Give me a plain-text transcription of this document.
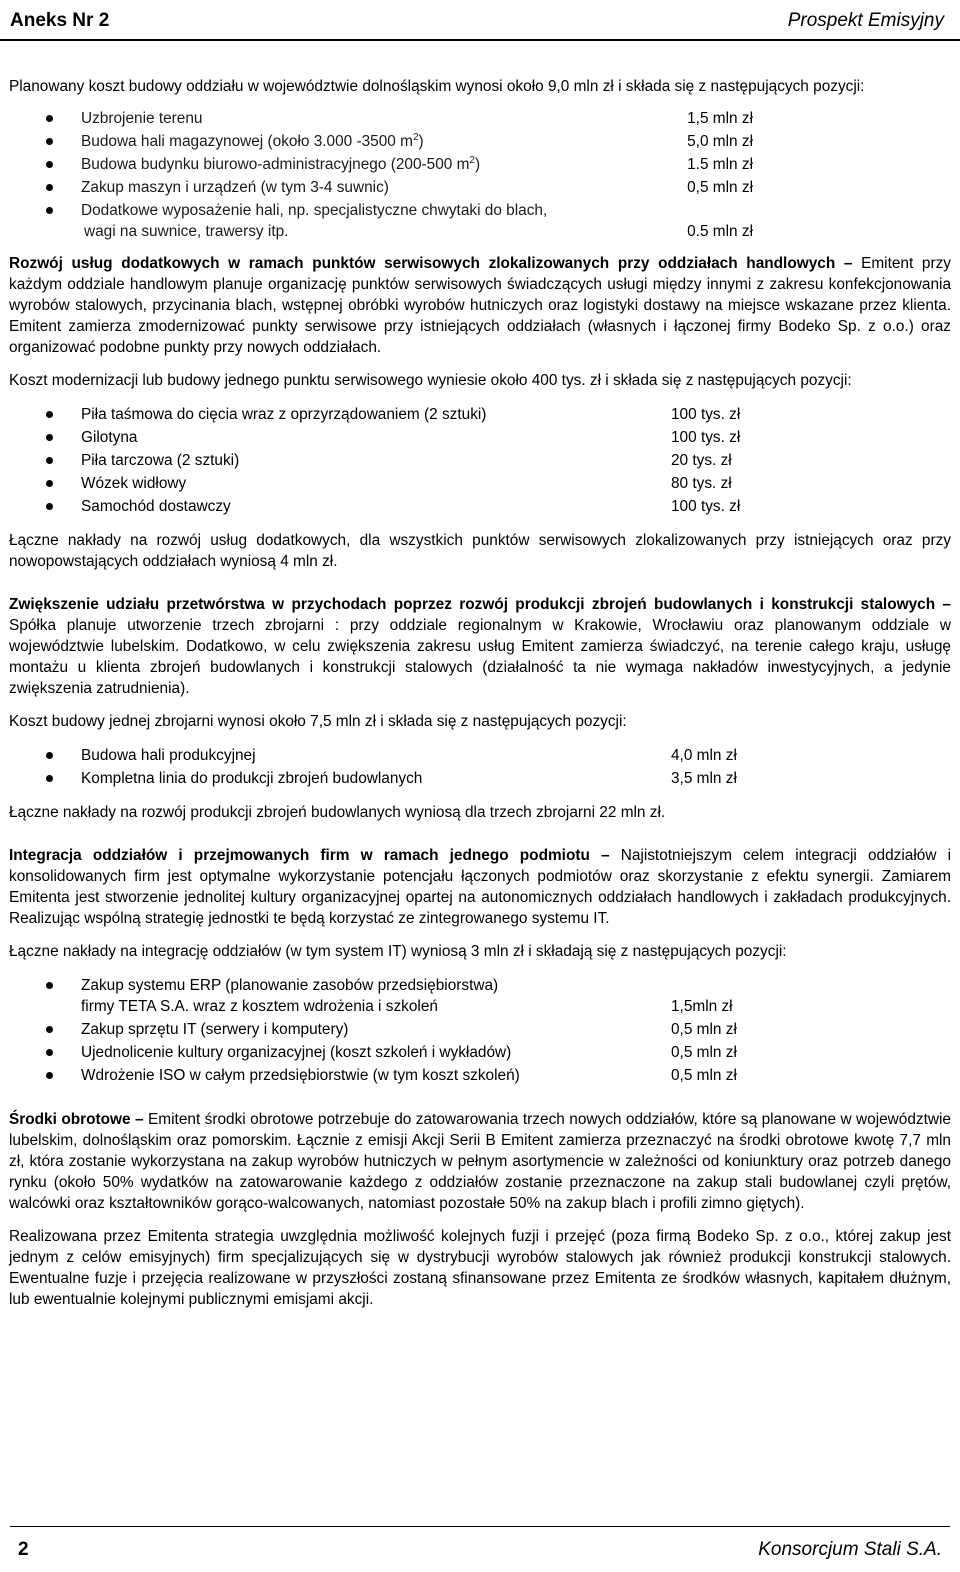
Aneks Nr 2	Prospekt Emisyjny

Planowany koszt budowy oddziału w województwie dolnośląskim wynosi około 9,0 mln zł i składa się z następujących pozycji:

Uzbrojenie terenu	1,5 mln zł
Budowa hali magazynowej (około 3.000 -3500 $m^2$)	5,0 mln zł
Budowa budynku biurowo-administracyjnego (200-500 $m^2$)	1.5 mln zł
Zakup maszyn i urządzeń (w tym 3-4 suwnic)	0,5 mln zł
Dodatkowe wyposażenie hali, np. specjalistyczne chwytaki do blach,
wagi na suwnice, trawersy itp.	0.5 mln zł

Rozwój usług dodatkowych w ramach punktów serwisowych zlokalizowanych przy oddziałach handlowych – Emitent przy każdym oddziale handlowym planuje organizację punktów serwisowych świadczących usługi między innymi z zakresu konfekcjonowania wyrobów stalowych, przycinania blach, wstępnej obróbki wyrobów hutniczych oraz logistyki dostawy na miejsce wskazane przez klienta. Emitent zamierza zmodernizować punkty serwisowe przy istniejących oddziałach (własnych i łączonej firmy Bodeko Sp. z o.o.) oraz organizować podobne punkty przy nowych oddziałach.

Koszt modernizacji lub budowy jednego punktu serwisowego wyniesie około 400 tys. zł i składa się z następujących pozycji:

Piła taśmowa do cięcia wraz z oprzyrządowaniem (2 sztuki)	100 tys. zł
Gilotyna	100 tys. zł
Piła tarczowa (2 sztuki)	20 tys. zł
Wózek widłowy	80 tys. zł
Samochód dostawczy	100 tys. zł

Łączne nakłady na rozwój usług dodatkowych, dla wszystkich punktów serwisowych zlokalizowanych przy istniejących oraz przy nowopowstających oddziałach wyniosą 4 mln zł.

Zwiększenie udziału przetwórstwa w przychodach poprzez rozwój produkcji zbrojeń budowlanych i konstrukcji stalowych – Spółka planuje utworzenie trzech zbrojarni : przy oddziale regionalnym w Krakowie, Wrocławiu oraz planowanym oddziale w województwie lubelskim. Dodatkowo, w celu zwiększenia zakresu usług Emitent zamierza świadczyć, na terenie całego kraju, usługę montażu u klienta zbrojeń budowlanych i konstrukcji stalowych (działalność ta nie wymaga nakładów inwestycyjnych, a jedynie zwiększenia zatrudnienia).

Koszt budowy jednej zbrojarni wynosi około 7,5 mln zł i składa się z następujących pozycji:

Budowa hali produkcyjnej	4,0 mln zł
Kompletna linia do produkcji zbrojeń budowlanych	3,5 mln zł

Łączne nakłady na rozwój produkcji zbrojeń budowlanych wyniosą dla trzech zbrojarni 22 mln zł.

Integracja oddziałów i przejmowanych firm w ramach jednego podmiotu – Najistotniejszym celem integracji oddziałów i konsolidowanych firm jest optymalne wykorzystanie potencjału łączonych podmiotów oraz skorzystanie z efektu synergii. Zamiarem Emitenta jest stworzenie jednolitej kultury organizacyjnej opartej na autonomicznych oddziałach handlowych i zakładach produkcyjnych. Realizując wspólną strategię jednostki te będą korzystać ze zintegrowanego systemu IT.

Łączne nakłady na integrację oddziałów (w tym system IT) wyniosą 3 mln zł i składają się z następujących pozycji:

Zakup systemu ERP (planowanie zasobów przedsiębiorstwa)
firmy TETA S.A. wraz z kosztem wdrożenia i szkoleń	1,5mln zł
Zakup sprzętu IT (serwery i komputery)	0,5 mln zł
Ujednolicenie kultury organizacyjnej (koszt szkoleń i wykładów)	0,5 mln zł
Wdrożenie ISO w całym przedsiębiorstwie (w tym koszt szkoleń)	0,5 mln zł

Środki obrotowe – Emitent środki obrotowe potrzebuje do zatowarowania trzech nowych oddziałów, które są planowane w województwie lubelskim, dolnośląskim oraz pomorskim. Łącznie z emisji Akcji Serii B Emitent zamierza przeznaczyć na środki obrotowe kwotę 7,7 mln zł, która zostanie wykorzystana na zakup wyrobów hutniczych w pełnym asortymencie w zależności od koniunktury oraz potrzeb danego rynku (około 50% wydatków na zatowarowanie każdego z oddziałów zostanie przeznaczone na zakup stali budowlanej czyli prętów, walcówki oraz kształtowników gorąco-walcowanych, natomiast pozostałe 50% na zakup blach i profili zimno giętych).

Realizowana przez Emitenta strategia uwzględnia możliwość kolejnych fuzji i przejęć (poza firmą Bodeko Sp. z o.o., której zakup jest jednym z celów emisyjnych) firm specjalizujących się w dystrybucji wyrobów stalowych jak również produkcji konstrukcji stalowych. Ewentualne fuzje i przejęcia realizowane w przyszłości zostaną sfinansowane przez Emitenta ze środków własnych, kapitałem dłużnym, lub ewentualnie kolejnymi publicznymi emisjami akcji.

2	Konsorcjum Stali S.A.
